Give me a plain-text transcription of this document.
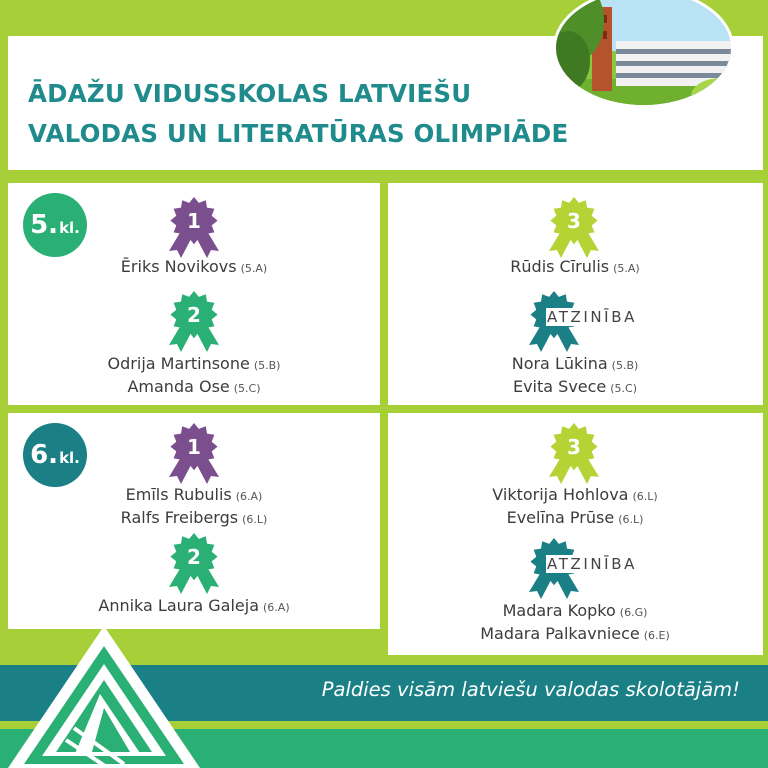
ĀDAŽU VIDUSSKOLAS LATVIEŠU
VALODAS UN LITERATŪRAS OLIMPIĀDE
5. kl.
6. kl.
1
Ēriks Novikovs (5.A)
2
Odrija Martinsone (5.B)
Amanda Ose (5.C)
3
Rūdis Cīrulis (5.A)
ATZINĪBA
Nora Lūkina (5.B)
Evita Svece (5.C)
1
Emīls Rubulis (6.A)
Ralfs Freibergs (6.L)
2
Annika Laura Galeja (6.A)
3
Viktorija Hohlova (6.L)
Evelīna Prūse (6.L)
ATZINĪBA
Madara Kopko (6.G)
Madara Palkavniece (6.E)
Paldies visām latviešu valodas skolotājām!
